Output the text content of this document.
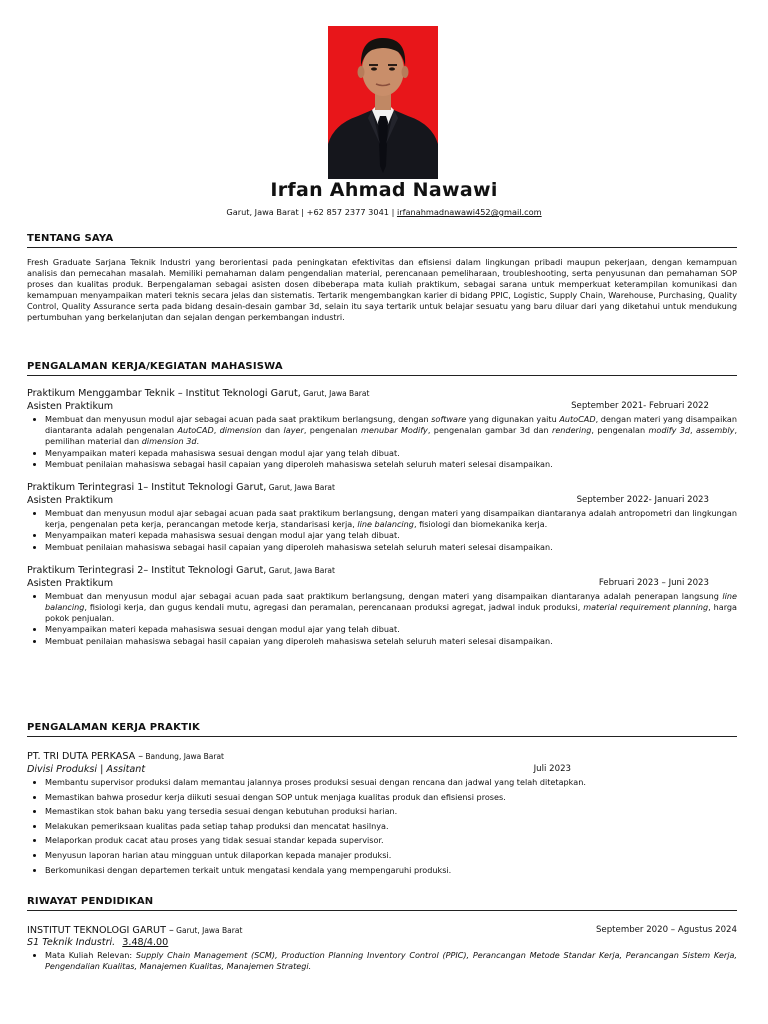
Irfan Ahmad Nawawi
Garut, Jawa Barat | +62 857 2377 3041 | irfanahmadnawawi452@gmail.com
TENTANG SAYA
Fresh Graduate Sarjana Teknik Industri yang berorientasi pada peningkatan efektivitas dan efisiensi dalam lingkungan pribadi maupun pekerjaan, dengan kemampuan analisis dan pemecahan masalah. Memiliki pemahaman dalam pengendalian material, perencanaan pemeliharaan, troubleshooting, serta penyusunan dan pemahaman SOP proses dan kualitas produk. Berpengalaman sebagai asisten dosen dibeberapa mata kuliah praktikum, sebagai sarana untuk memperkuat keterampilan komunikasi dan kemampuan menyampaikan materi teknis secara jelas dan sistematis. Tertarik mengembangkan karier di bidang PPIC, Logistic, Supply Chain, Warehouse, Purchasing, Quality Control, Quality Assurance serta pada bidang desain-desain gambar 3d, selain itu saya tertarik untuk belajar sesuatu yang baru diluar dari yang diketahui untuk mendukung pertumbuhan yang berkelanjutan dan sejalan dengan perkembangan industri.
PENGALAMAN KERJA/KEGIATAN MAHASISWA
Praktikum Menggambar Teknik – Institut Teknologi Garut, Garut, Jawa Barat
Asisten Praktikum	September 2021- Februari 2022
• Membuat dan menyusun modul ajar sebagai acuan pada saat praktikum berlangsung, dengan software yang digunakan yaitu AutoCAD, dengan materi yang disampaikan diantaranta adalah pengenalan AutoCAD, dimension dan layer, pengenalan menubar Modify, pengenalan gambar 3d dan rendering, pengenalan modify 3d, assembly, pemilihan material dan dimension 3d.
• Menyampaikan materi kepada mahasiswa sesuai dengan modul ajar yang telah dibuat.
• Membuat penilaian mahasiswa sebagai hasil capaian yang diperoleh mahasiswa setelah seluruh materi selesai disampaikan.
Praktikum Terintegrasi 1– Institut Teknologi Garut, Garut, Jawa Barat
Asisten Praktikum	September 2022- Januari 2023
• Membuat dan menyusun modul ajar sebagai acuan pada saat praktikum berlangsung, dengan materi yang disampaikan diantaranya adalah antropometri dan lingkungan kerja, pengenalan peta kerja, perancangan metode kerja, standarisasi kerja, line balancing, fisiologi dan biomekanika kerja.
• Menyampaikan materi kepada mahasiswa sesuai dengan modul ajar yang telah dibuat.
• Membuat penilaian mahasiswa sebagai hasil capaian yang diperoleh mahasiswa setelah seluruh materi selesai disampaikan.
Praktikum Terintegrasi 2– Institut Teknologi Garut, Garut, Jawa Barat
Asisten Praktikum	Februari 2023 – Juni 2023
• Membuat dan menyusun modul ajar sebagai acuan pada saat praktikum berlangsung, dengan materi yang disampaikan diantaranya adalah penerapan langsung line balancing, fisiologi kerja, dan gugus kendali mutu, agregasi dan peramalan, perencanaan produksi agregat, jadwal induk produksi, material requirement planning, harga pokok penjualan.
• Menyampaikan materi kepada mahasiswa sesuai dengan modul ajar yang telah dibuat.
• Membuat penilaian mahasiswa sebagai hasil capaian yang diperoleh mahasiswa setelah seluruh materi selesai disampaikan.
PENGALAMAN KERJA PRAKTIK
PT. TRI DUTA PERKASA – Bandung, Jawa Barat
Divisi Produksi | Assitant	Juli 2023
• Membantu supervisor produksi dalam memantau jalannya proses produksi sesuai dengan rencana dan jadwal yang telah ditetapkan.
• Memastikan bahwa prosedur kerja diikuti sesuai dengan SOP untuk menjaga kualitas produk dan efisiensi proses.
• Memastikan stok bahan baku yang tersedia sesuai dengan kebutuhan produksi harian.
• Melakukan pemeriksaan kualitas pada setiap tahap produksi dan mencatat hasilnya.
• Melaporkan produk cacat atau proses yang tidak sesuai standar kepada supervisor.
• Menyusun laporan harian atau mingguan untuk dilaporkan kepada manajer produksi.
• Berkomunikasi dengan departemen terkait untuk mengatasi kendala yang mempengaruhi produksi.
RIWAYAT PENDIDIKAN
INSTITUT TEKNOLOGI GARUT – Garut, Jawa Barat	September 2020 – Agustus 2024
S1 Teknik Industri. 3.48/4.00
• Mata Kuliah Relevan: Supply Chain Management (SCM), Production Planning Inventory Control (PPIC), Perancangan Metode Standar Kerja, Perancangan Sistem Kerja, Pengendalian Kualitas, Manajemen Kualitas, Manajemen Strategi.
